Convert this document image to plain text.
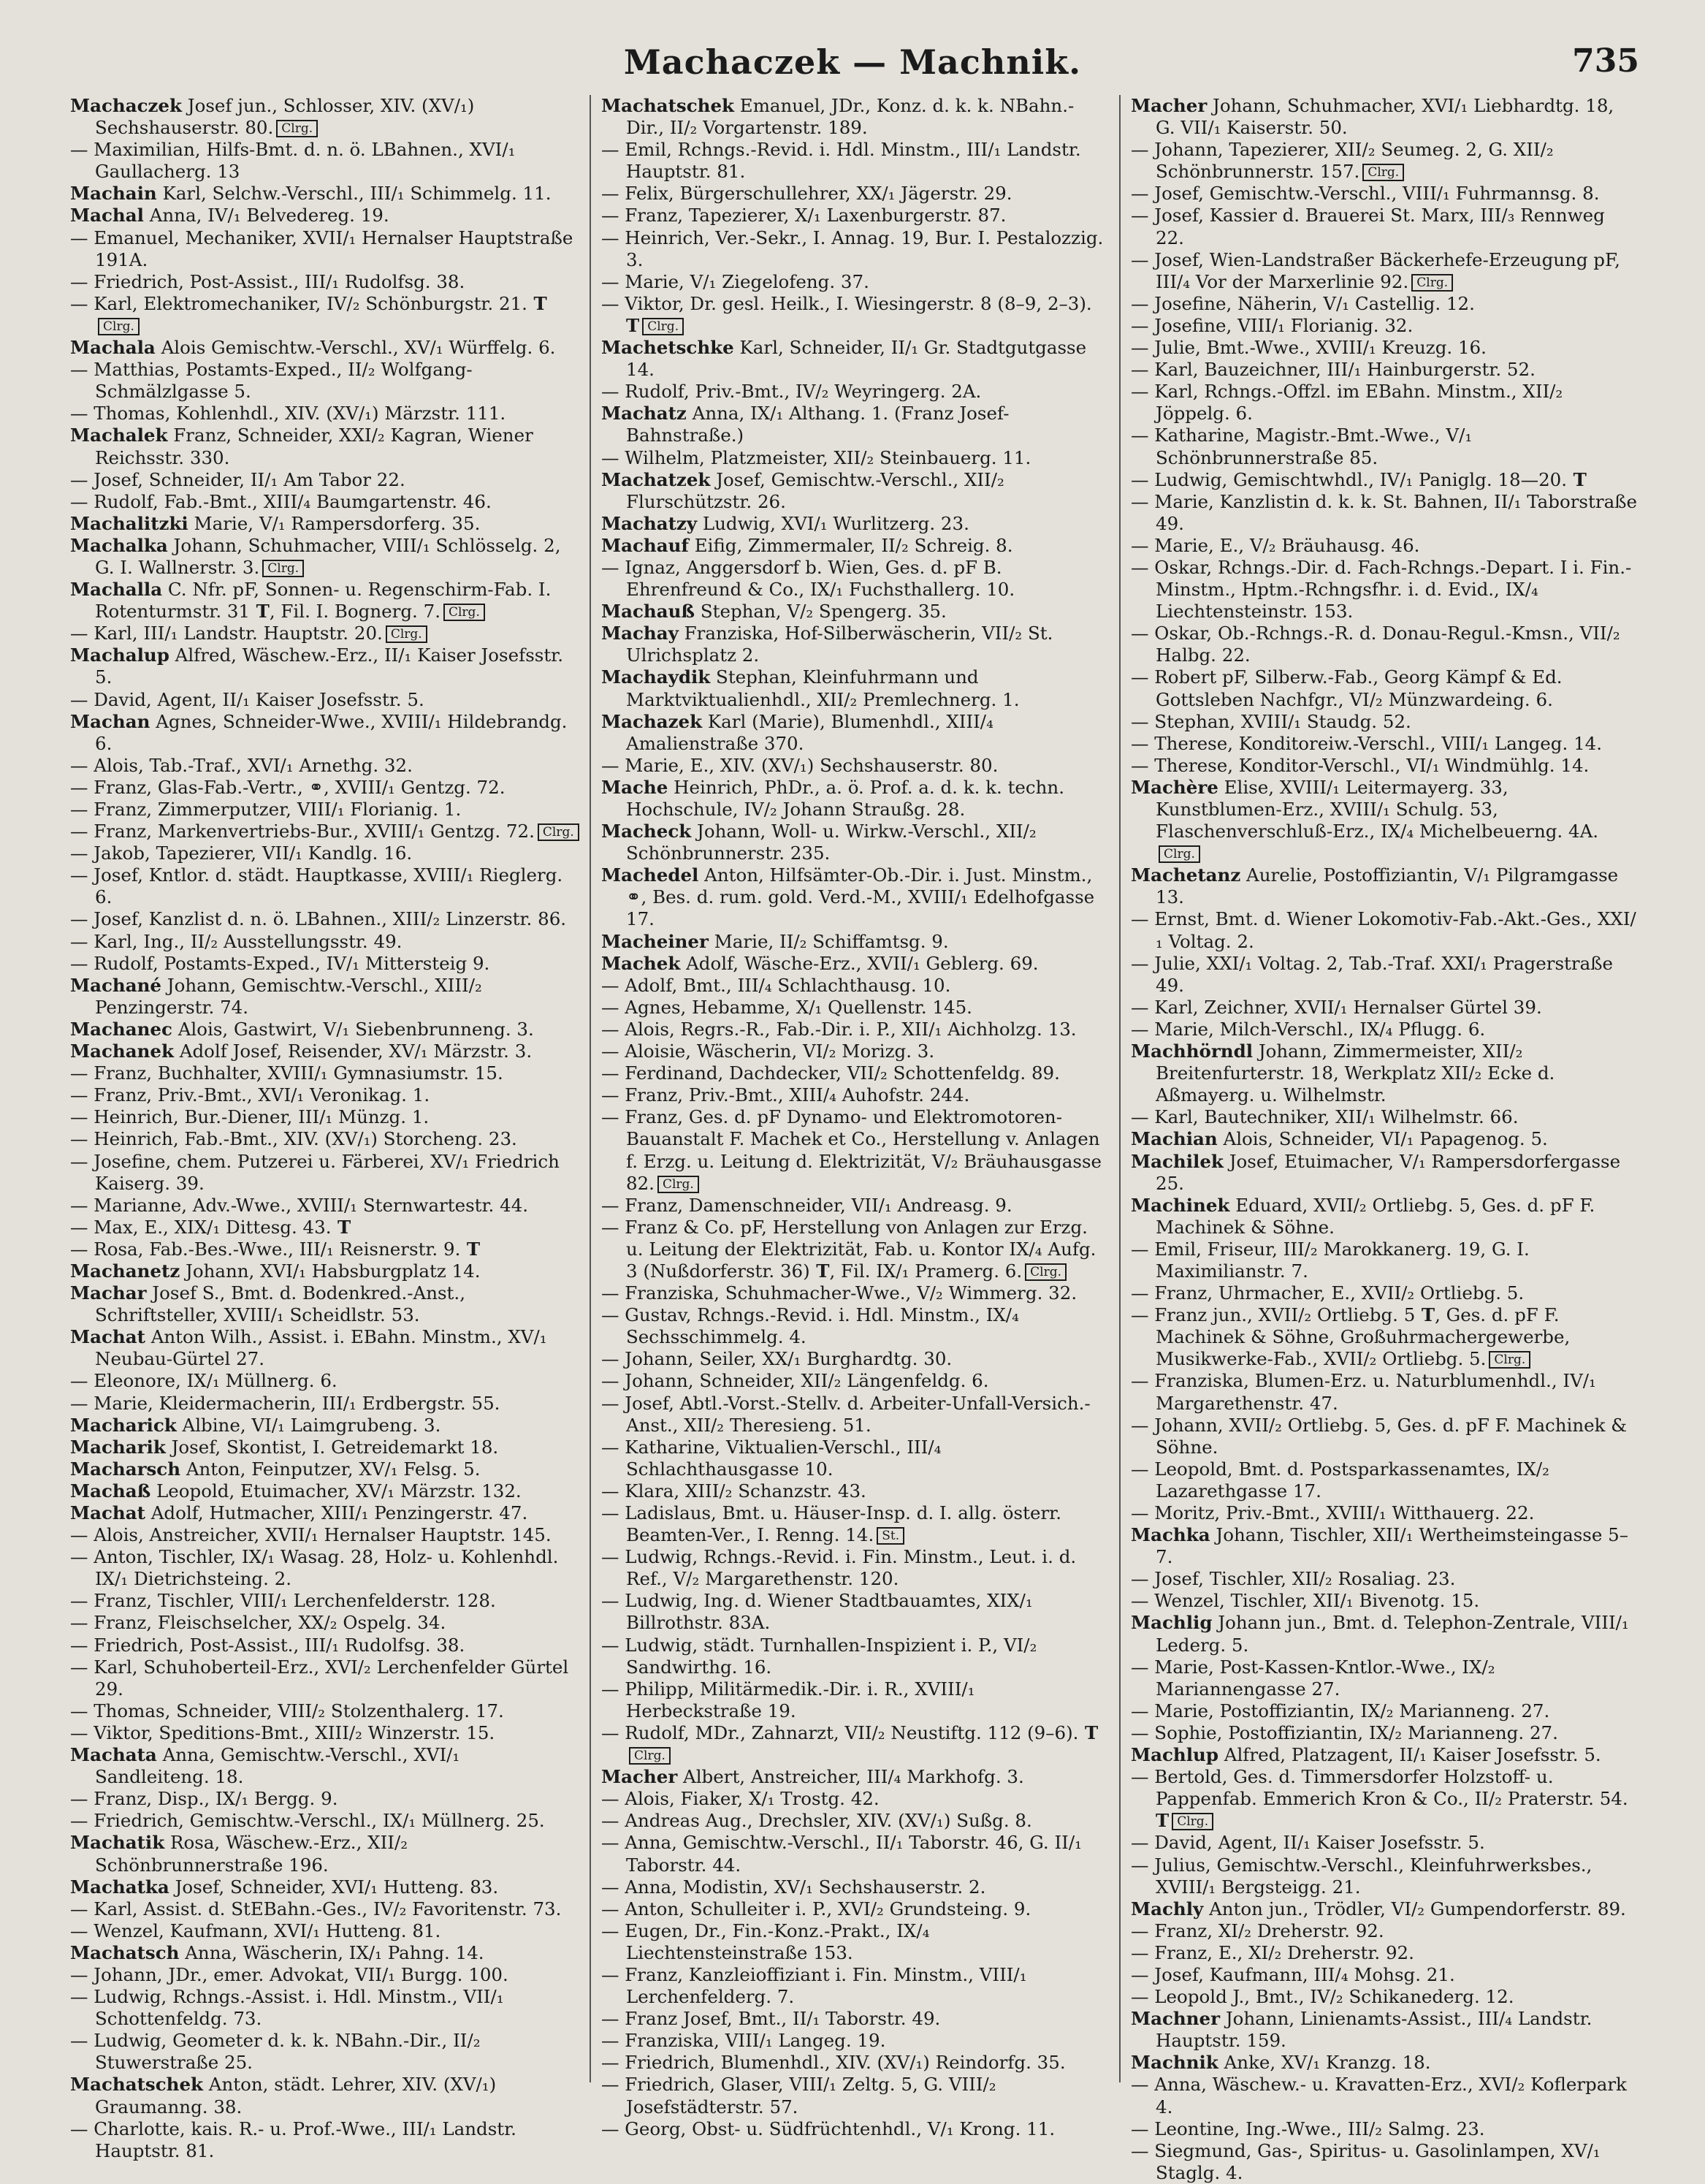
Machaczek — Machnik.	735
Machaczek Josef jun., Schlosser, XIV. (XV/₁) Sechshauserstr. 80. Clrg.
— Maximilian, Hilfs-Bmt. d. n. ö. LBahnen., XVI/₁ Gaullacherg. 13
Machain Karl, Selchw.-Verschl., III/₁ Schimmelg. 11.
Machal Anna, IV/₁ Belvedereg. 19.
— Emanuel, Mechaniker, XVII/₁ Hernalser Hauptstraße 191A.
— Friedrich, Post-Assist., III/₁ Rudolfsg. 38.
— Karl, Elektromechaniker, IV/₂ Schönburgstr. 21. TClrg.
Machala Alois Gemischtw.-Verschl., XV/₁ Würffelg. 6.
— Matthias, Postamts-Exped., II/₂ Wolfgang-Schmälzlgasse 5.
— Thomas, Kohlenhdl., XIV. (XV/₁) Märzstr. 111.
Machalek Franz, Schneider, XXI/₂ Kagran, Wiener Reichsstr. 330.
— Josef, Schneider, II/₁ Am Tabor 22.
— Rudolf, Fab.-Bmt., XIII/₄ Baumgartenstr. 46.
Machalitzki Marie, V/₁ Rampersdorferg. 35.
Machalka Johann, Schuhmacher, VIII/₁ Schlösselg. 2, G. I. Wallnerstr. 3. Clrg.
Machalla C. Nfr. pF, Sonnen- u. Regenschirm-Fab. I. Rotenturmstr. 31 T, Fil. I. Bognerg. 7. Clrg.
— Karl, III/₁ Landstr. Hauptstr. 20. Clrg.
Machalup Alfred, Wäschew.-Erz., II/₁ Kaiser Josefsstr. 5.
— David, Agent, II/₁ Kaiser Josefsstr. 5.
Machan Agnes, Schneider-Wwe., XVIII/₁ Hildebrandg. 6.
— Alois, Tab.-Traf., XVI/₁ Arnethg. 32.
— Franz, Glas-Fab.-Vertr., ⚭, XVIII/₁ Gentzg. 72.
— Franz, Zimmerputzer, VIII/₁ Florianig. 1.
— Franz, Markenvertriebs-Bur., XVIII/₁ Gentzg. 72. Clrg.
— Jakob, Tapezierer, VII/₁ Kandlg. 16.
— Josef, Kntlor. d. städt. Hauptkasse, XVIII/₁ Rieglerg. 6.
— Josef, Kanzlist d. n. ö. LBahnen., XIII/₂ Linzerstr. 86.
— Karl, Ing., II/₂ Ausstellungsstr. 49.
— Rudolf, Postamts-Exped., IV/₁ Mittersteig 9.
Machané Johann, Gemischtw.-Verschl., XIII/₂ Penzingerstr. 74.
Machanec Alois, Gastwirt, V/₁ Siebenbrunneng. 3.
Machanek Adolf Josef, Reisender, XV/₁ Märzstr. 3.
— Franz, Buchhalter, XVIII/₁ Gymnasiumstr. 15.
— Franz, Priv.-Bmt., XVI/₁ Veronikag. 1.
— Heinrich, Bur.-Diener, III/₁ Münzg. 1.
— Heinrich, Fab.-Bmt., XIV. (XV/₁) Storcheng. 23.
— Josefine, chem. Putzerei u. Färberei, XV/₁ Friedrich Kaiserg. 39.
— Marianne, Adv.-Wwe., XVIII/₁ Sternwartestr. 44.
— Max, E., XIX/₁ Dittesg. 43. T
— Rosa, Fab.-Bes.-Wwe., III/₁ Reisnerstr. 9. T
Machanetz Johann, XVI/₁ Habsburgplatz 14.
Machar Josef S., Bmt. d. Bodenkred.-Anst., Schriftsteller, XVIII/₁ Scheidlstr. 53.
Machat Anton Wilh., Assist. i. EBahn. Minstm., XV/₁ Neubau-Gürtel 27.
— Eleonore, IX/₁ Müllnerg. 6.
— Marie, Kleidermacherin, III/₁ Erdbergstr. 55.
Macharick Albine, VI/₁ Laimgrubeng. 3.
Macharik Josef, Skontist, I. Getreidemarkt 18.
Macharsch Anton, Feinputzer, XV/₁ Felsg. 5.
Machaß Leopold, Etuimacher, XV/₁ Märzstr. 132.
Machat Adolf, Hutmacher, XIII/₁ Penzingerstr. 47.
— Alois, Anstreicher, XVII/₁ Hernalser Hauptstr. 145.
— Anton, Tischler, IX/₁ Wasag. 28, Holz- u. Kohlenhdl. IX/₁ Dietrichsteing. 2.
— Franz, Tischler, VIII/₁ Lerchenfelderstr. 128.
— Franz, Fleischselcher, XX/₂ Ospelg. 34.
— Friedrich, Post-Assist., III/₁ Rudolfsg. 38.
— Karl, Schuhoberteil-Erz., XVI/₂ Lerchenfelder Gürtel 29.
— Thomas, Schneider, VIII/₂ Stolzenthalerg. 17.
— Viktor, Speditions-Bmt., XIII/₂ Winzerstr. 15.
Machata Anna, Gemischtw.-Verschl., XVI/₁ Sandleiteng. 18.
— Franz, Disp., IX/₁ Bergg. 9.
— Friedrich, Gemischtw.-Verschl., IX/₁ Müllnerg. 25.
Machatik Rosa, Wäschew.-Erz., XII/₂ Schönbrunnerstraße 196.
Machatka Josef, Schneider, XVI/₁ Hutteng. 83.
— Karl, Assist. d. StEBahn.-Ges., IV/₂ Favoritenstr. 73.
— Wenzel, Kaufmann, XVI/₁ Hutteng. 81.
Machatsch Anna, Wäscherin, IX/₁ Pahng. 14.
— Johann, JDr., emer. Advokat, VII/₁ Burgg. 100.
— Ludwig, Rchngs.-Assist. i. Hdl. Minstm., VII/₁ Schottenfeldg. 73.
— Ludwig, Geometer d. k. k. NBahn.-Dir., II/₂ Stuwerstraße 25.
Machatschek Anton, städt. Lehrer, XIV. (XV/₁) Graumanng. 38.
— Charlotte, kais. R.- u. Prof.-Wwe., III/₁ Landstr. Hauptstr. 81.
Machatschek Emanuel, JDr., Konz. d. k. k. NBahn.-Dir., II/₂ Vorgartenstr. 189.
— Emil, Rchngs.-Revid. i. Hdl. Minstm., III/₁ Landstr. Hauptstr. 81.
— Felix, Bürgerschullehrer, XX/₁ Jägerstr. 29.
— Franz, Tapezierer, X/₁ Laxenburgerstr. 87.
— Heinrich, Ver.-Sekr., I. Annag. 19, Bur. I. Pestalozzig. 3.
— Marie, V/₁ Ziegelofeng. 37.
— Viktor, Dr. gesl. Heilk., I. Wiesingerstr. 8 (8–9, 2–3). T Clrg.
Machetschke Karl, Schneider, II/₁ Gr. Stadtgutgasse 14.
— Rudolf, Priv.-Bmt., IV/₂ Weyringerg. 2A.
Machatz Anna, IX/₁ Althang. 1. (Franz Josef-Bahnstraße.)
— Wilhelm, Platzmeister, XII/₂ Steinbauerg. 11.
Machatzek Josef, Gemischtw.-Verschl., XII/₂ Flurschützstr. 26.
Machatzy Ludwig, XVI/₁ Wurlitzerg. 23.
Machauf Eifig, Zimmermaler, II/₂ Schreig. 8.
— Ignaz, Anggersdorf b. Wien, Ges. d. pF B. Ehrenfreund & Co., IX/₁ Fuchsthallerg. 10.
Machauß Stephan, V/₂ Spengerg. 35.
Machay Franziska, Hof-Silberwäscherin, VII/₂ St. Ulrichsplatz 2.
Machaydik Stephan, Kleinfuhrmann und Marktviktualienhdl., XII/₂ Premlechnerg. 1.
Machazek Karl (Marie), Blumenhdl., XIII/₄ Amalienstraße 370.
— Marie, E., XIV. (XV/₁) Sechshauserstr. 80.
Mache Heinrich, PhDr., a. ö. Prof. a. d. k. k. techn. Hochschule, IV/₂ Johann Straußg. 28.
Macheck Johann, Woll- u. Wirkw.-Verschl., XII/₂ Schönbrunnerstr. 235.
Machedel Anton, Hilfsämter-Ob.-Dir. i. Just. Minstm., ⚭, Bes. d. rum. gold. Verd.-M., XVIII/₁ Edelhofgasse 17.
Macheiner Marie, II/₂ Schiffamtsg. 9.
Machek Adolf, Wäsche-Erz., XVII/₁ Geblerg. 69.
— Adolf, Bmt., III/₄ Schlachthausg. 10.
— Agnes, Hebamme, X/₁ Quellenstr. 145.
— Alois, Regrs.-R., Fab.-Dir. i. P., XII/₁ Aichholzg. 13.
— Aloisie, Wäscherin, VI/₂ Morizg. 3.
— Ferdinand, Dachdecker, VII/₂ Schottenfeldg. 89.
— Franz, Priv.-Bmt., XIII/₄ Auhofstr. 244.
— Franz, Ges. d. pF Dynamo- und Elektromotoren-Bauanstalt F. Machek et Co., Herstellung v. Anlagen f. Erzg. u. Leitung d. Elektrizität, V/₂ Bräuhausgasse 82. Clrg.
— Franz, Damenschneider, VII/₁ Andreasg. 9.
— Franz & Co. pF, Herstellung von Anlagen zur Erzg. u. Leitung der Elektrizität, Fab. u. Kontor IX/₄ Aufg. 3 (Nußdorferstr. 36) T, Fil. IX/₁ Pramerg. 6. Clrg.
— Franziska, Schuhmacher-Wwe., V/₂ Wimmerg. 32.
— Gustav, Rchngs.-Revid. i. Hdl. Minstm., IX/₄ Sechsschimmelg. 4.
— Johann, Seiler, XX/₁ Burghardtg. 30.
— Johann, Schneider, XII/₂ Längenfeldg. 6.
— Josef, Abtl.-Vorst.-Stellv. d. Arbeiter-Unfall-Versich.-Anst., XII/₂ Theresieng. 51.
— Katharine, Viktualien-Verschl., III/₄ Schlachthausgasse 10.
— Klara, XIII/₂ Schanzstr. 43.
— Ladislaus, Bmt. u. Häuser-Insp. d. I. allg. österr. Beamten-Ver., I. Renng. 14. St.
— Ludwig, Rchngs.-Revid. i. Fin. Minstm., Leut. i. d. Ref., V/₂ Margarethenstr. 120.
— Ludwig, Ing. d. Wiener Stadtbauamtes, XIX/₁ Billrothstr. 83A.
— Ludwig, städt. Turnhallen-Inspizient i. P., VI/₂ Sandwirthg. 16.
— Philipp, Militärmedik.-Dir. i. R., XVIII/₁ Herbeckstraße 19.
— Rudolf, MDr., Zahnarzt, VII/₂ Neustiftg. 112 (9–6). TClrg.
Macher Albert, Anstreicher, III/₄ Markhofg. 3.
— Alois, Fiaker, X/₁ Trostg. 42.
— Andreas Aug., Drechsler, XIV. (XV/₁) Sußg. 8.
— Anna, Gemischtw.-Verschl., II/₁ Taborstr. 46, G. II/₁ Taborstr. 44.
— Anna, Modistin, XV/₁ Sechshauserstr. 2.
— Anton, Schulleiter i. P., XVI/₂ Grundsteing. 9.
— Eugen, Dr., Fin.-Konz.-Prakt., IX/₄ Liechtensteinstraße 153.
— Franz, Kanzleioffiziant i. Fin. Minstm., VIII/₁ Lerchenfelderg. 7.
— Franz Josef, Bmt., II/₁ Taborstr. 49.
— Franziska, VIII/₁ Langeg. 19.
— Friedrich, Blumenhdl., XIV. (XV/₁) Reindorfg. 35.
— Friedrich, Glaser, VIII/₁ Zeltg. 5, G. VIII/₂ Josefstädterstr. 57.
— Georg, Obst- u. Südfrüchtenhdl., V/₁ Krong. 11.
Macher Johann, Schuhmacher, XVI/₁ Liebhardtg. 18, G. VII/₁ Kaiserstr. 50.
— Johann, Tapezierer, XII/₂ Seumeg. 2, G. XII/₂ Schönbrunnerstr. 157. Clrg.
— Josef, Gemischtw.-Verschl., VIII/₁ Fuhrmannsg. 8.
— Josef, Kassier d. Brauerei St. Marx, III/₃ Rennweg 22.
— Josef, Wien-Landstraßer Bäckerhefe-Erzeugung pF, III/₄ Vor der Marxerlinie 92. Clrg.
— Josefine, Näherin, V/₁ Castellig. 12.
— Josefine, VIII/₁ Florianig. 32.
— Julie, Bmt.-Wwe., XVIII/₁ Kreuzg. 16.
— Karl, Bauzeichner, III/₁ Hainburgerstr. 52.
— Karl, Rchngs.-Offzl. im EBahn. Minstm., XII/₂ Jöppelg. 6.
— Katharine, Magistr.-Bmt.-Wwe., V/₁ Schönbrunnerstraße 85.
— Ludwig, Gemischtwhdl., IV/₁ Paniglg. 18—20. T
— Marie, Kanzlistin d. k. k. St. Bahnen, II/₁ Taborstraße 49.
— Marie, E., V/₂ Bräuhausg. 46.
— Oskar, Rchngs.-Dir. d. Fach-Rchngs.-Depart. I i. Fin.-Minstm., Hptm.-Rchngsfhr. i. d. Evid., IX/₄ Liechtensteinstr. 153.
— Oskar, Ob.-Rchngs.-R. d. Donau-Regul.-Kmsn., VII/₂ Halbg. 22.
— Robert pF, Silberw.-Fab., Georg Kämpf & Ed. Gottsleben Nachfgr., VI/₂ Münzwardeing. 6.
— Stephan, XVIII/₁ Staudg. 52.
— Therese, Konditoreiw.-Verschl., VIII/₁ Langeg. 14.
— Therese, Konditor-Verschl., VI/₁ Windmühlg. 14.
Machère Elise, XVIII/₁ Leitermayerg. 33, Kunstblumen-Erz., XVIII/₁ Schulg. 53, Flaschenverschluß-Erz., IX/₄ Michelbeuerng. 4A.Clrg.
Machetanz Aurelie, Postoffiziantin, V/₁ Pilgramgasse 13.
— Ernst, Bmt. d. Wiener Lokomotiv-Fab.-Akt.-Ges., XXI/₁ Voltag. 2.
— Julie, XXI/₁ Voltag. 2, Tab.-Traf. XXI/₁ Pragerstraße 49.
— Karl, Zeichner, XVII/₁ Hernalser Gürtel 39.
— Marie, Milch-Verschl., IX/₄ Pflugg. 6.
Machhörndl Johann, Zimmermeister, XII/₂ Breitenfurterstr. 18, Werkplatz XII/₂ Ecke d. Aßmayerg. u. Wilhelmstr.
— Karl, Bautechniker, XII/₁ Wilhelmstr. 66.
Machian Alois, Schneider, VI/₁ Papagenog. 5.
Machilek Josef, Etuimacher, V/₁ Rampersdorfergasse 25.
Machinek Eduard, XVII/₂ Ortliebg. 5, Ges. d. pF F. Machinek & Söhne.
— Emil, Friseur, III/₂ Marokkanerg. 19, G. I. Maximilianstr. 7.
— Franz, Uhrmacher, E., XVII/₂ Ortliebg. 5.
— Franz jun., XVII/₂ Ortliebg. 5 T, Ges. d. pF F. Machinek & Söhne, Großuhrmachergewerbe, Musikwerke-Fab., XVII/₂ Ortliebg. 5. Clrg.
— Franziska, Blumen-Erz. u. Naturblumenhdl., IV/₁ Margarethenstr. 47.
— Johann, XVII/₂ Ortliebg. 5, Ges. d. pF F. Machinek & Söhne.
— Leopold, Bmt. d. Postsparkassenamtes, IX/₂ Lazarethgasse 17.
— Moritz, Priv.-Bmt., XVIII/₁ Witthauerg. 22.
Machka Johann, Tischler, XII/₁ Wertheimsteingasse 5–7.
— Josef, Tischler, XII/₂ Rosaliag. 23.
— Wenzel, Tischler, XII/₁ Bivenotg. 15.
Machlig Johann jun., Bmt. d. Telephon-Zentrale, VIII/₁ Lederg. 5.
— Marie, Post-Kassen-Kntlor.-Wwe., IX/₂ Mariannengasse 27.
— Marie, Postoffiziantin, IX/₂ Marianneng. 27.
— Sophie, Postoffiziantin, IX/₂ Marianneng. 27.
Machlup Alfred, Platzagent, II/₁ Kaiser Josefsstr. 5.
— Bertold, Ges. d. Timmersdorfer Holzstoff- u. Pappenfab. Emmerich Kron & Co., II/₂ Praterstr. 54. T Clrg.
— David, Agent, II/₁ Kaiser Josefsstr. 5.
— Julius, Gemischtw.-Verschl., Kleinfuhrwerksbes., XVIII/₁ Bergsteigg. 21.
Machly Anton jun., Trödler, VI/₂ Gumpendorferstr. 89.
— Franz, XI/₂ Dreherstr. 92.
— Franz, E., XI/₂ Dreherstr. 92.
— Josef, Kaufmann, III/₄ Mohsg. 21.
— Leopold J., Bmt., IV/₂ Schikanederg. 12.
Machner Johann, Linienamts-Assist., III/₄ Landstr. Hauptstr. 159.
Machnik Anke, XV/₁ Kranzg. 18.
— Anna, Wäschew.- u. Kravatten-Erz., XVI/₂ Koflerpark 4.
— Leontine, Ing.-Wwe., III/₂ Salmg. 23.
— Siegmund, Gas-, Spiritus- u. Gasolinlampen, XV/₁ Staglg. 4.
